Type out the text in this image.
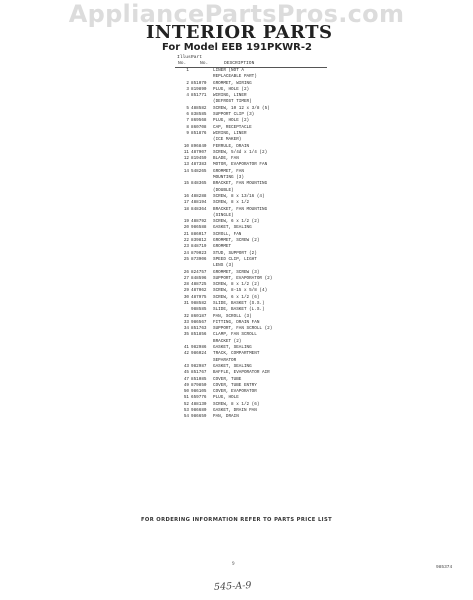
AppliancePartsPros.com
INTERIOR PARTS
For Model EEB 191PKWR-2
Illus.
No.
Part
No.	DESCRIPTION
1	LINER (NOT A
REPLACEABLE PART)
2 851070	GROMMET, WIRING
3 819890	PLUG, HOLE (2)
4 851771	WIRING, LINER
(DEFROST TIMER)
5 488582	SCREW, 10 12 x 3/8 (5)
6 838585	SUPPORT CLIP (3)
7 869568	PLUG, HOLE (2)
8 860708	CAP, RECEPTACLE
9 851876	WIRING, LINER
(ICE MAKER)
10 896840	FERRULE, DRAIN
11 487907	SCREW, 5/4d x 1/4 (2)
12 819459	BLADE, FAN
13 487383	MOTOR, EVAPORATOR FAN
14 548265	GROMMET, FAN
MOUNTING (3)
15 848365	BRACKET, FAN MOUNTING
(DOUBLE)
16 488288	SCREW, 8 x 13/16 (4)
17 488194	SCREW, 8 x 1/2
18 848364	BRACKET, FAN MOUNTING
(SINGLE)
19 488792	SCREW, 6 x 1/2 (2)
20 986588	GASKET, SEALING
21 886017	SCROLL, FAN
22 839812	GROMMET, SCREW (2)
23 848719	GROMMET
24 879023	STUD, SUPPORT (2)
25 873906	SPEED CLIP, LIGHT
LENS (3)
26 824757	GROMMET, SCREW (3)
27 848596	SUPPORT, EVAPORATOR (2)
28 488725	SCREW, 8 x 1/2 (2)
29 487062	SCREW, 8-15 x 5/8 (4)
30 487975	SCREW, 6 x 1/2 (6)
31 988582	SLIDE, BASKET (S.S.)
988585	SLIDE, BASKET (L.S.)
32 860187	PAN, SCROLL (3)
33 986567	FITTING, DRAIN FAN
34 851763	SUPPORT, FAN SCROLL (2)
35 851856	CLAMP, FAN SCROLL
BRACKET (2)
41 982986	GASKET, SEALING
42 986024	TRACK, COMPARTMENT
SEPARATOR
43 982987	GASKET, SEALING
45 851767	BAFFLE, EVAPORATOR AIR
47 851085	COVER, TUBE
49 879850	COVER, TUBE ENTRY
50 986105	COVER, EVAPORATOR
51 659776	PLUG, HOLE
52 488130	SCREW, 8 x 1/2 (6)
53 986680	GASKET, DRAIN PAN
54 986659	PAN, DRAIN
FOR ORDERING INFORMATION REFER TO PARTS PRICE LIST
9
985374
545-A-9
